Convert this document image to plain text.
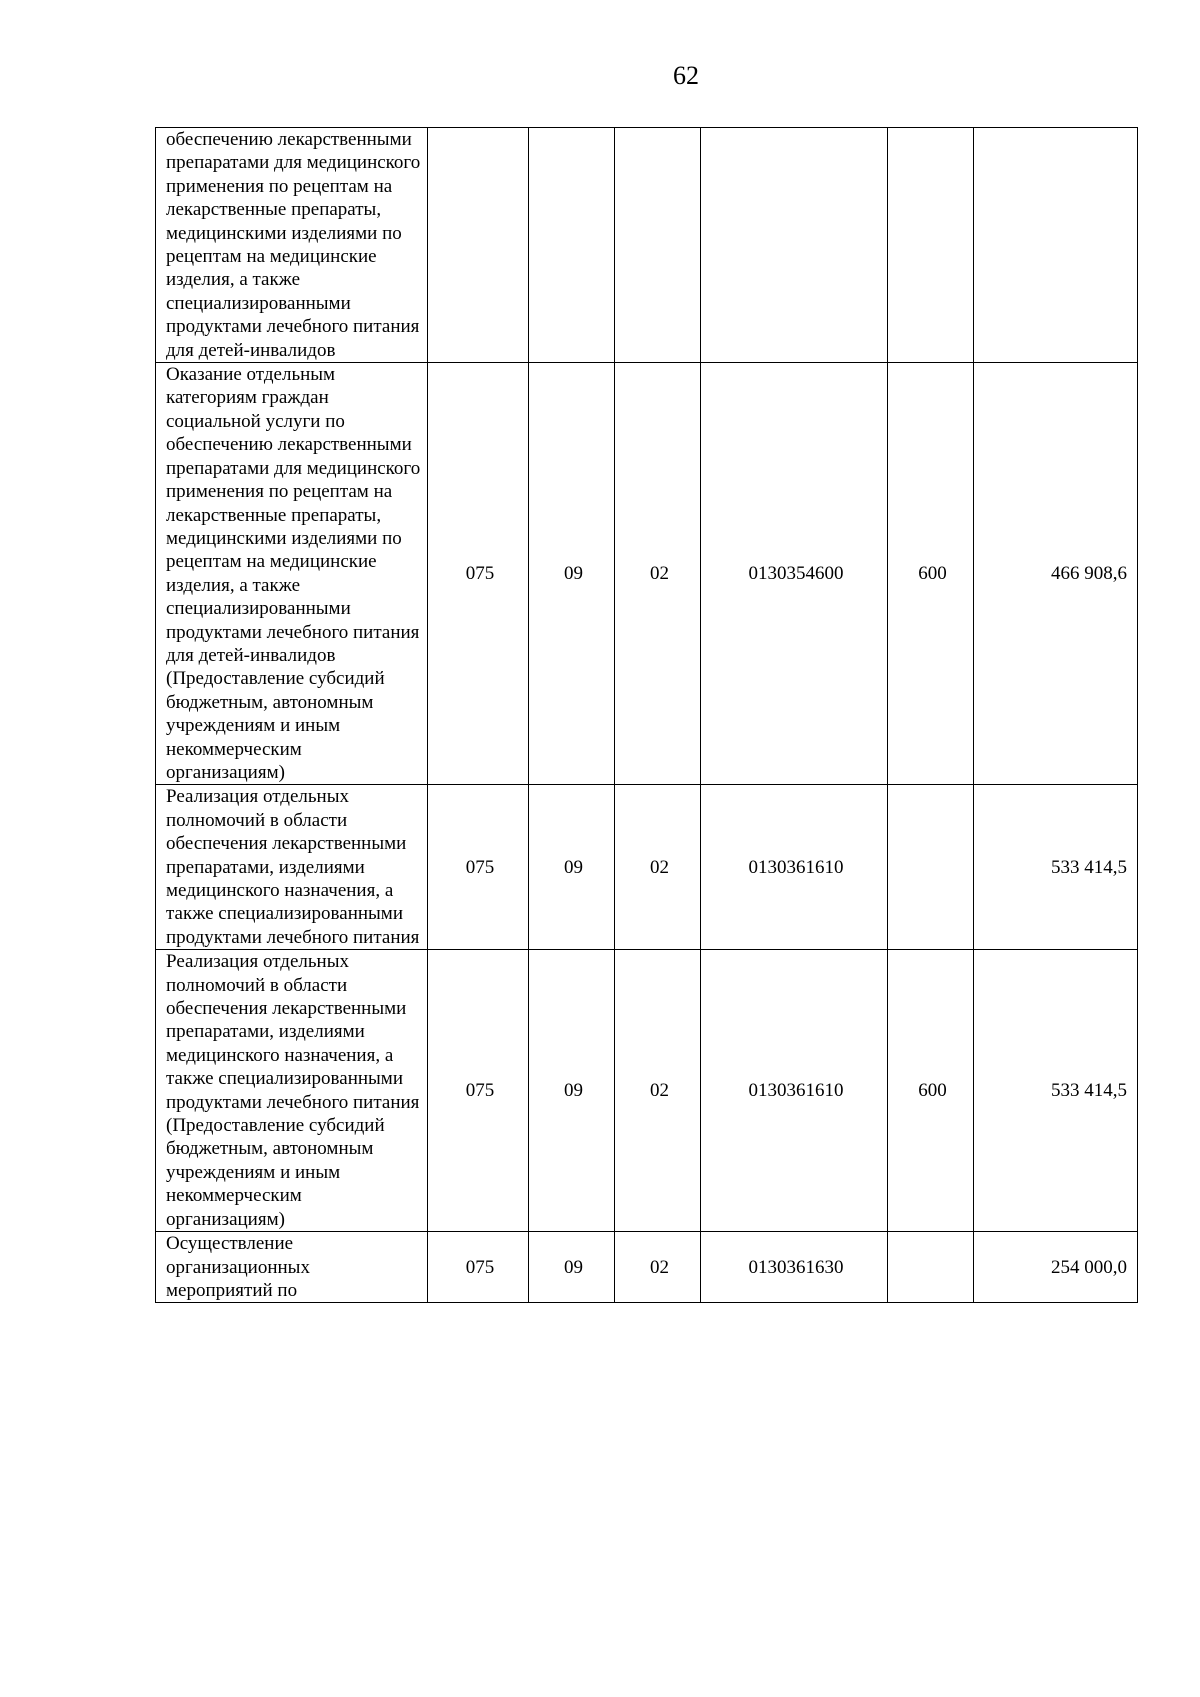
62
обеспечению лекарственными препаратами для медицинского применения по рецептам на лекарственные препараты, медицинскими изделиями по рецептам на медицинские изделия, а также специализированными продуктами лечебного питания для детей-инвалидов						
Оказание отдельным категориям граждан социальной услуги по обеспечению лекарственными препаратами для медицинского применения по рецептам на лекарственные препараты, медицинскими изделиями по рецептам на медицинские изделия, а также специализированными продуктами лечебного питания для детей-инвалидов (Предоставление субсидий бюджетным, автономным учреждениям и иным некоммерческим организациям)	075	09	02	0130354600	600	466 908,6
Реализация отдельных полномочий в области обеспечения лекарственными препаратами, изделиями медицинского назначения, а также специализированными продуктами лечебного питания	075	09	02	0130361610		533 414,5
Реализация отдельных полномочий в области обеспечения лекарственными препаратами, изделиями медицинского назначения, а также специализированными продуктами лечебного питания (Предоставление субсидий бюджетным, автономным учреждениям и иным некоммерческим организациям)	075	09	02	0130361610	600	533 414,5
Осуществление организационных мероприятий по	075	09	02	0130361630		254 000,0
